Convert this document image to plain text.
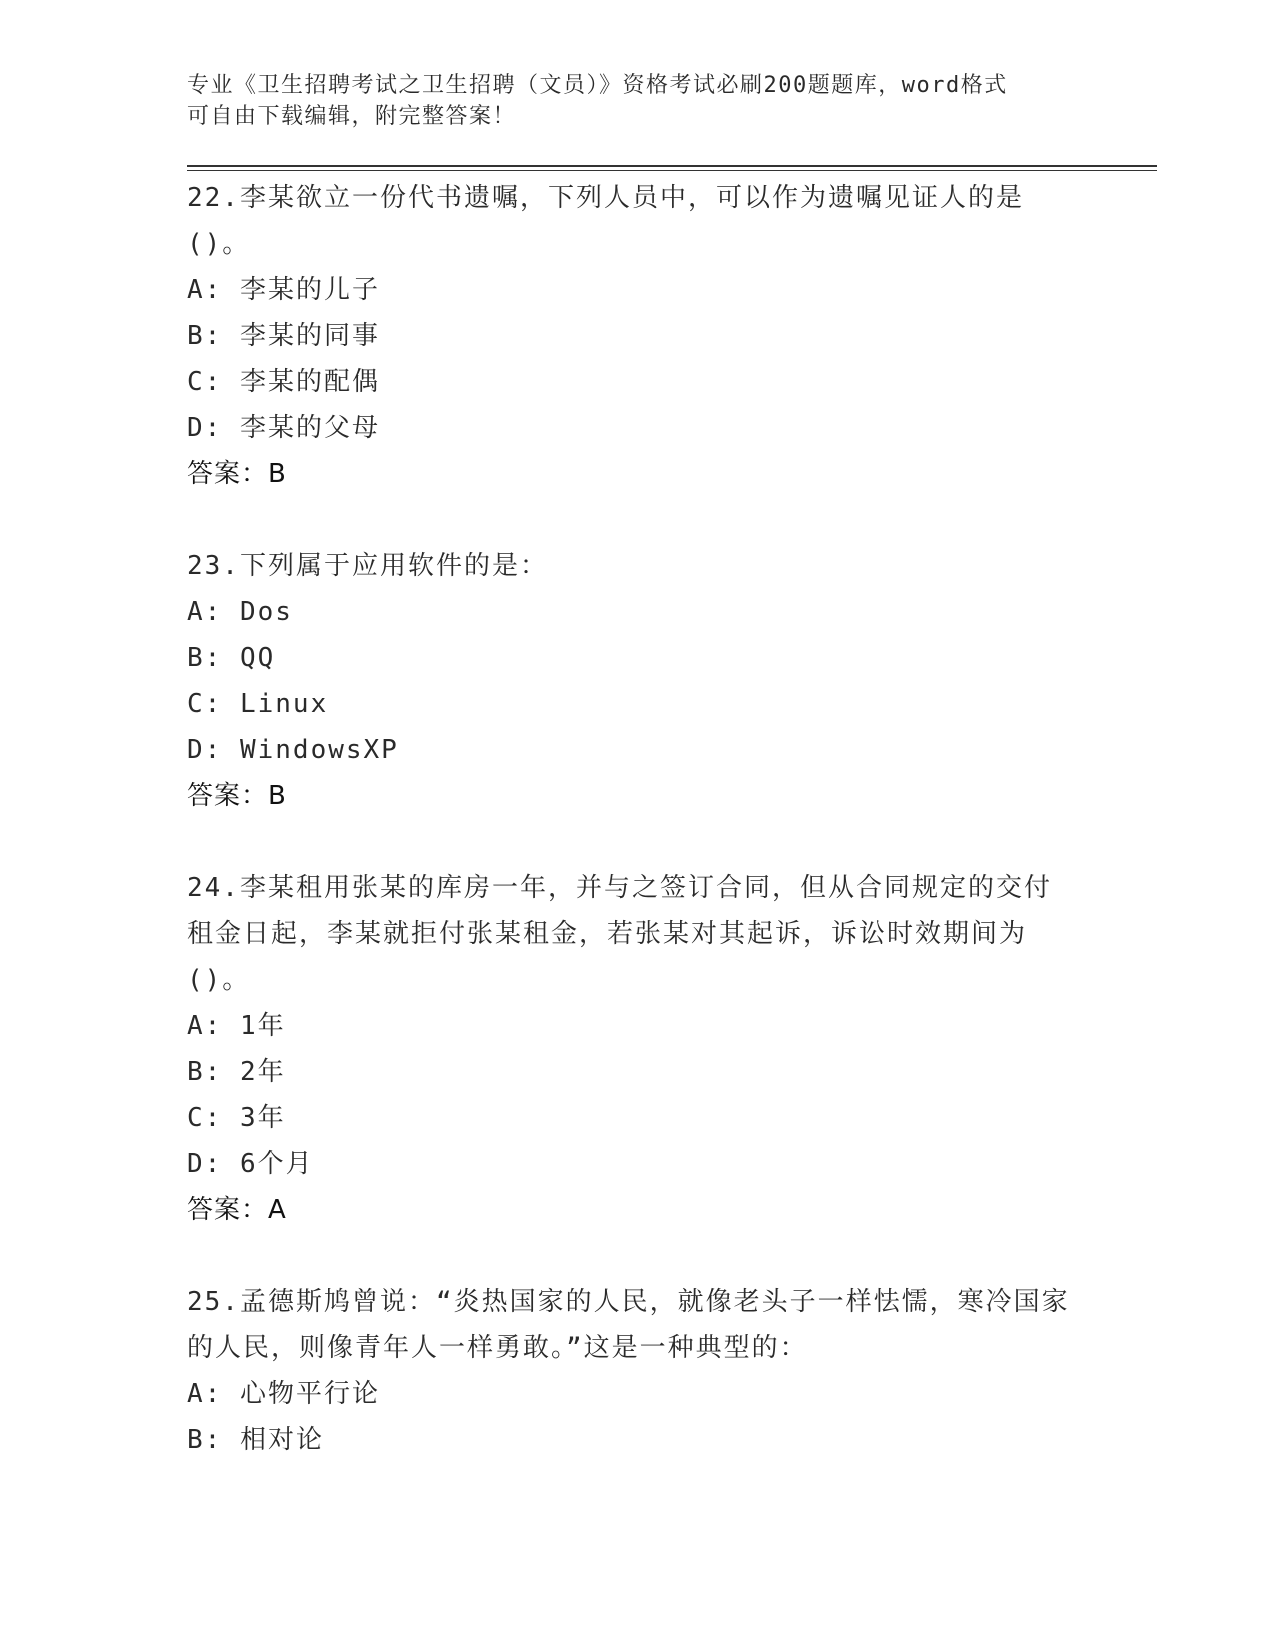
专业《卫生招聘考试之卫生招聘（文员）》资格考试必刷200题题库，word格式
可自由下载编辑，附完整答案！
22.李某欲立一份代书遗嘱，下列人员中，可以作为遗嘱见证人的是()。
A: 李某的儿子
B: 李某的同事
C: 李某的配偶
D: 李某的父母
答案：B
23.下列属于应用软件的是：
A: Dos
B: QQ
C: Linux
D: WindowsXP
答案：B
24.李某租用张某的库房一年，并与之签订合同，但从合同规定的交付租金日起，李某就拒付张某租金，若张某对其起诉，诉讼时效期间为()。
A: 1年
B: 2年
C: 3年
D: 6个月
答案：A
25.孟德斯鸠曾说：“炎热国家的人民，就像老头子一样怯懦，寒冷国家的人民，则像青年人一样勇敢。”这是一种典型的：
A: 心物平行论
B: 相对论
